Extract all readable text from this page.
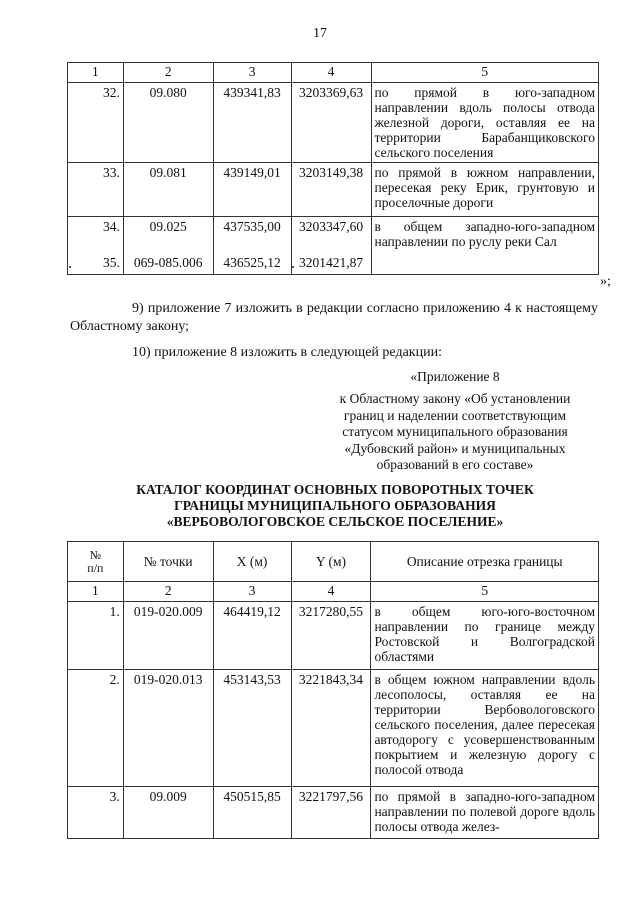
17
1	2	3	4	5
32.	09.080	439341,83	3203369,63	по прямой в юго-западном направлении вдоль полосы отвода железной дороги, оставляя ее на территории Барабанщиковского сельского поселения
33.	09.081	439149,01	3203149,38	по прямой в южном направлении, пересекая реку Ерик, грунтовую и проселочные дороги
34.	09.025	437535,00	3203347,60	в общем западно-юго-западном направлении по руслу реки Сал
35.	069-085.006	436525,12	3201421,87	
»;
9) приложение 7 изложить в редакции согласно приложению 4 к настоящему Областному закону;
10) приложение 8 изложить в следующей редакции:
«Приложение 8
к Областному закону «Об установлении
границ и наделении соответствующим
статусом муниципального образования
«Дубовский район» и муниципальных
образований в его составе»
КАТАЛОГ КООРДИНАТ ОСНОВНЫХ ПОВОРОТНЫХ ТОЧЕК
ГРАНИЦЫ МУНИЦИПАЛЬНОГО ОБРАЗОВАНИЯ
«ВЕРБОВОЛОГОВСКОЕ СЕЛЬСКОЕ ПОСЕЛЕНИЕ»
№
п/п	№ точки	X (м)	Y (м)	Описание отрезка границы
1	2	3	4	5
1.	019-020.009	464419,12	3217280,55	в общем юго-юго-восточном направлении по границе между Ростовской и Волгоградской областями
2.	019-020.013	453143,53	3221843,34	в общем южном направлении вдоль лесополосы, оставляя ее на территории Вербовологовского сельского поселения, далее пересекая автодорогу с усовершенствованным покрытием и железную дорогу с полосой отвода
3.	09.009	450515,85	3221797,56	по прямой в западно-юго-западном направлении по полевой дороге вдоль полосы отвода желез-
